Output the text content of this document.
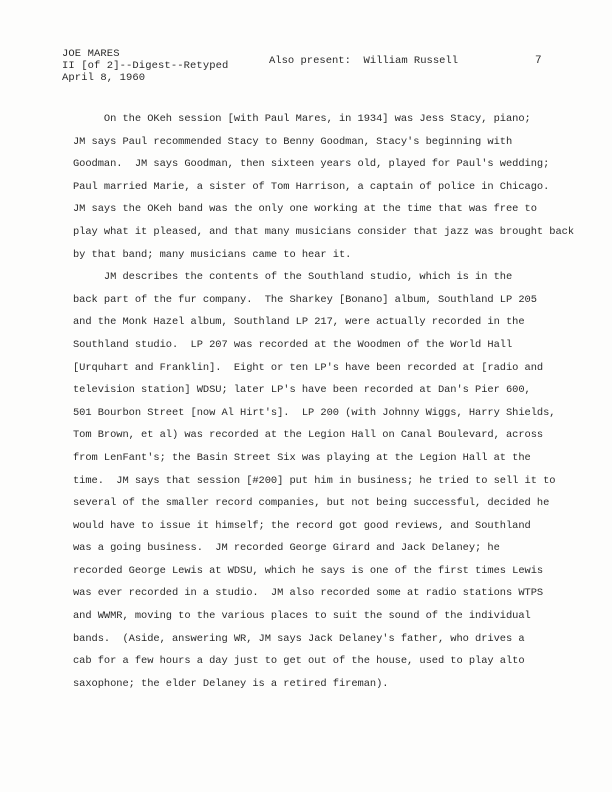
JOE MARES
II [of 2]--Digest--Retyped
April 8, 1960
Also present:  William Russell	7
On the OKeh session [with Paul Mares, in 1934] was Jess Stacy, piano;
JM says Paul recommended Stacy to Benny Goodman, Stacy's beginning with
Goodman.  JM says Goodman, then sixteen years old, played for Paul's wedding;
Paul married Marie, a sister of Tom Harrison, a captain of police in Chicago.
JM says the OKeh band was the only one working at the time that was free to
play what it pleased, and that many musicians consider that jazz was brought back
by that band; many musicians came to hear it.
JM describes the contents of the Southland studio, which is in the
back part of the fur company.  The Sharkey [Bonano] album, Southland LP 205
and the Monk Hazel album, Southland LP 217, were actually recorded in the
Southland studio.  LP 207 was recorded at the Woodmen of the World Hall
[Urquhart and Franklin].  Eight or ten LP's have been recorded at [radio and
television station] WDSU; later LP's have been recorded at Dan's Pier 600,
501 Bourbon Street [now Al Hirt's].  LP 200 (with Johnny Wiggs, Harry Shields,
Tom Brown, et al) was recorded at the Legion Hall on Canal Boulevard, across
from LenFant's; the Basin Street Six was playing at the Legion Hall at the
time.  JM says that session [#200] put him in business; he tried to sell it to
several of the smaller record companies, but not being successful, decided he
would have to issue it himself; the record got good reviews, and Southland
was a going business.  JM recorded George Girard and Jack Delaney; he
recorded George Lewis at WDSU, which he says is one of the first times Lewis
was ever recorded in a studio.  JM also recorded some at radio stations WTPS
and WWMR, moving to the various places to suit the sound of the individual
bands.  (Aside, answering WR, JM says Jack Delaney's father, who drives a
cab for a few hours a day just to get out of the house, used to play alto
saxophone; the elder Delaney is a retired fireman).
